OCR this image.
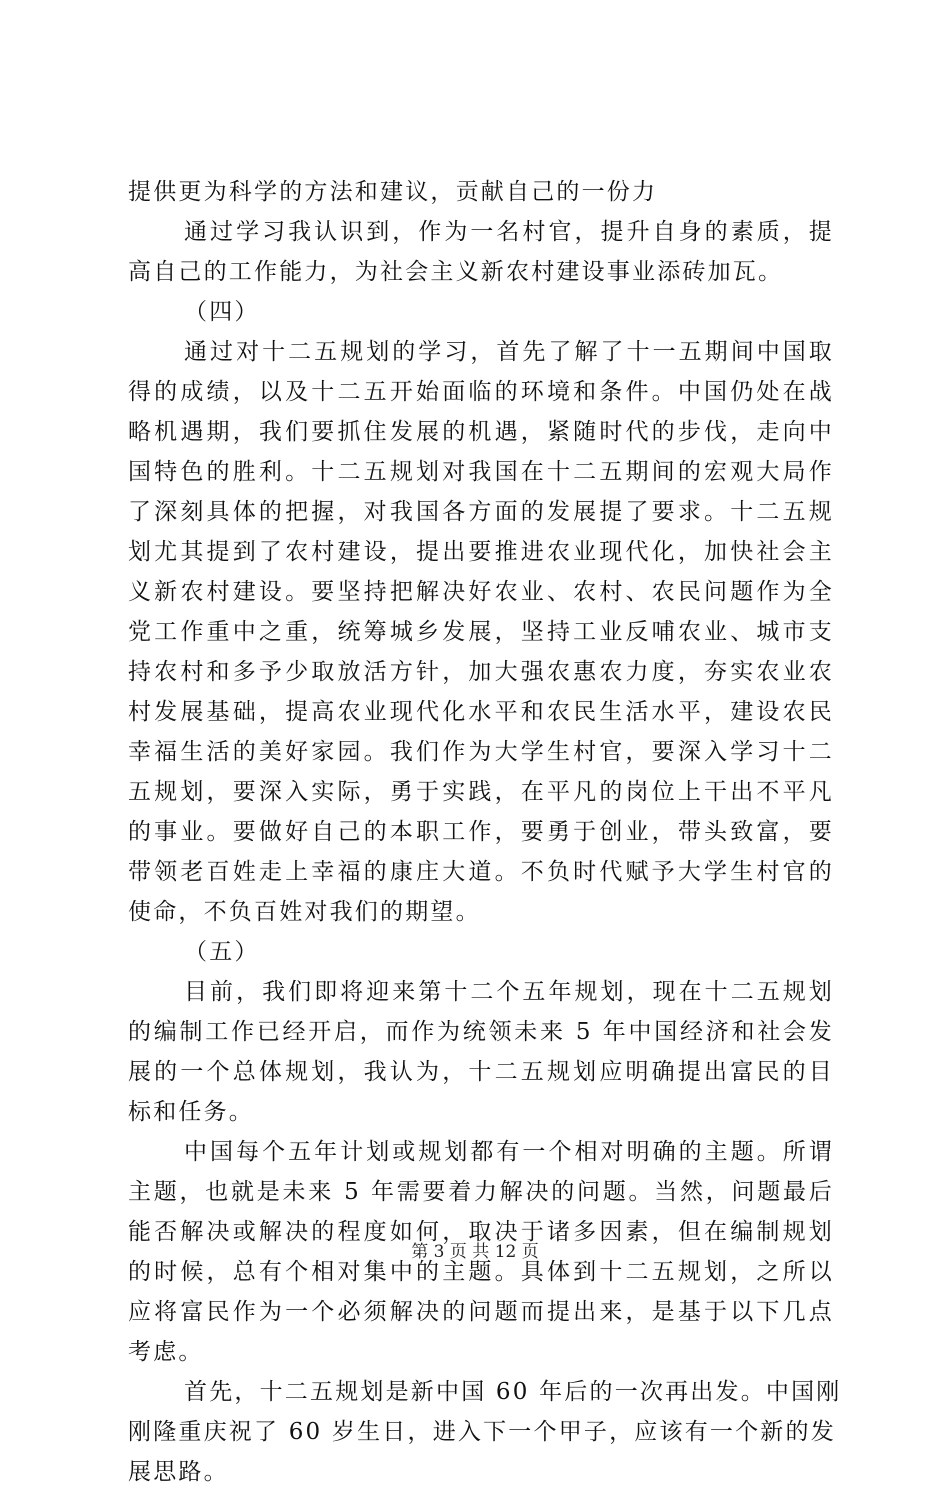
提供更为科学的方法和建议，贡献自己的一份力
通过学习我认识到，作为一名村官，提升自身的素质，提
高自己的工作能力，为社会主义新农村建设事业添砖加瓦。
（四）
通过对十二五规划的学习，首先了解了十一五期间中国取
得的成绩，以及十二五开始面临的环境和条件。中国仍处在战
略机遇期，我们要抓住发展的机遇，紧随时代的步伐，走向中
国特色的胜利。十二五规划对我国在十二五期间的宏观大局作
了深刻具体的把握，对我国各方面的发展提了要求。十二五规
划尤其提到了农村建设，提出要推进农业现代化，加快社会主
义新农村建设。要坚持把解决好农业、农村、农民问题作为全
党工作重中之重，统筹城乡发展，坚持工业反哺农业、城市支
持农村和多予少取放活方针，加大强农惠农力度，夯实农业农
村发展基础，提高农业现代化水平和农民生活水平，建设农民
幸福生活的美好家园。我们作为大学生村官，要深入学习十二
五规划，要深入实际，勇于实践，在平凡的岗位上干出不平凡
的事业。要做好自己的本职工作，要勇于创业，带头致富，要
带领老百姓走上幸福的康庄大道。不负时代赋予大学生村官的
使命，不负百姓对我们的期望。
（五）
目前，我们即将迎来第十二个五年规划，现在十二五规划
的编制工作已经开启，而作为统领未来 5 年中国经济和社会发
展的一个总体规划，我认为，十二五规划应明确提出富民的目
标和任务。
中国每个五年计划或规划都有一个相对明确的主题。所谓
主题，也就是未来 5 年需要着力解决的问题。当然，问题最后
能否解决或解决的程度如何，取决于诸多因素，但在编制规划
的时候，总有个相对集中的主题。具体到十二五规划，之所以
应将富民作为一个必须解决的问题而提出来，是基于以下几点
考虑。
首先，十二五规划是新中国 60 年后的一次再出发。中国刚
刚隆重庆祝了 60 岁生日，进入下一个甲子，应该有一个新的发
展思路。
第 3 页 共 12 页
